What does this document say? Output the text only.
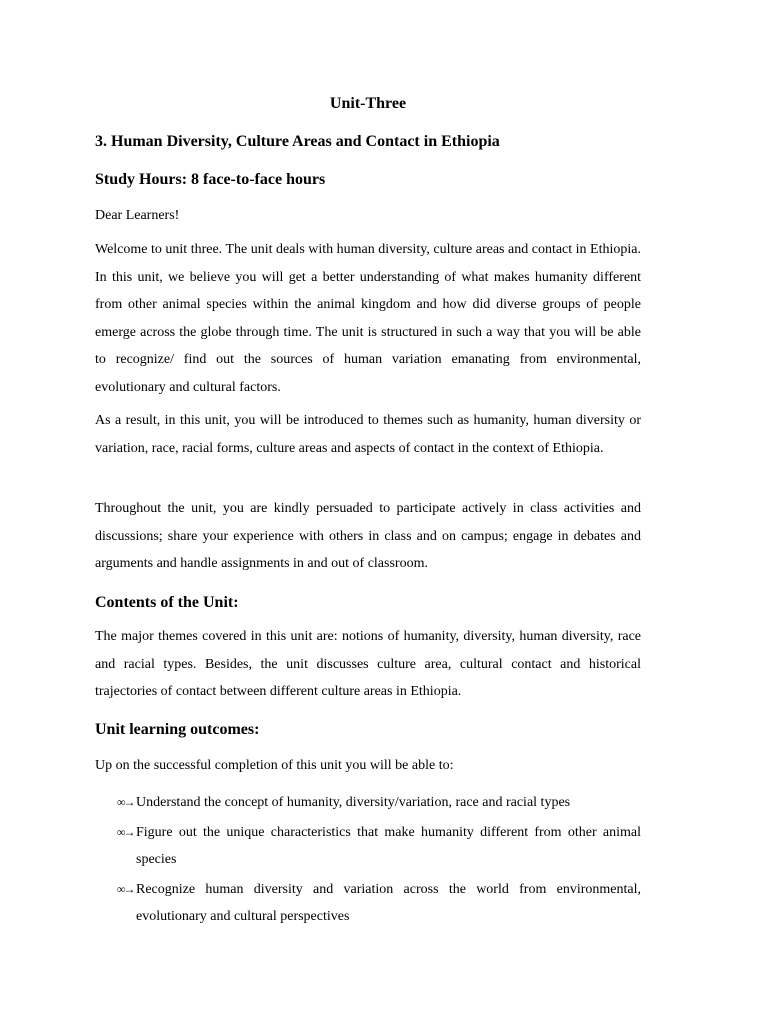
Unit-Three
3. Human Diversity, Culture Areas and Contact in Ethiopia
Study Hours: 8 face-to-face hours
Dear Learners!
Welcome to unit three. The unit deals with human diversity, culture areas and contact in Ethiopia. In this unit, we believe you will get a better understanding of what makes humanity different from other animal species within the animal kingdom and how did diverse groups of people emerge across the globe through time. The unit is structured in such a way that you will be able to recognize/ find out the sources of human variation emanating from environmental, evolutionary and cultural factors.
As a result, in this unit, you will be introduced to themes such as humanity, human diversity or variation, race, racial forms, culture areas and aspects of contact in the context of Ethiopia.
Throughout the unit, you are kindly persuaded to participate actively in class activities and discussions; share your experience with others in class and on campus; engage in debates and arguments and handle assignments in and out of classroom.
Contents of the Unit:
The major themes covered in this unit are: notions of humanity, diversity, human diversity, race and racial types. Besides, the unit discusses culture area, cultural contact and historical trajectories of contact between different culture areas in Ethiopia.
Unit learning outcomes:
Up on the successful completion of this unit you will be able to:
∞→ Understand the concept of humanity, diversity/variation, race and racial types
∞→ Figure out the unique characteristics that make humanity different from other animal species
∞→ Recognize human diversity and variation across the world from environmental, evolutionary and cultural perspectives
